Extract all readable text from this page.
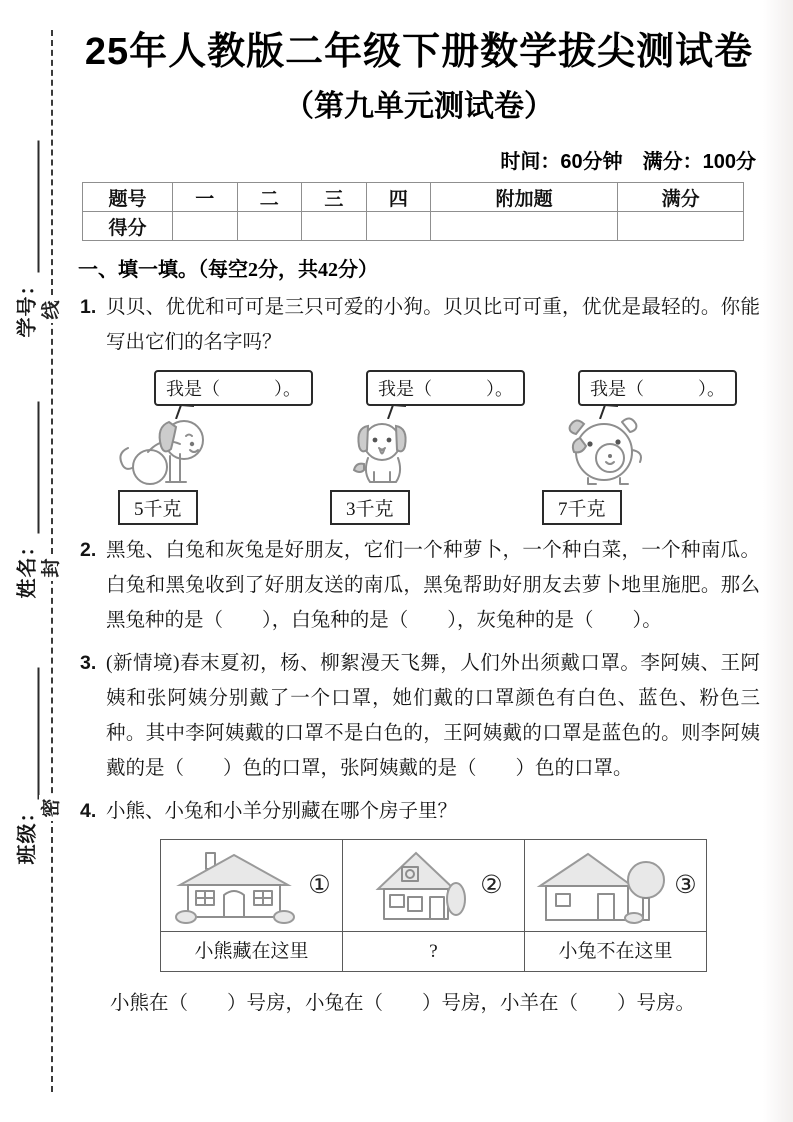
学号：
姓名：
班级：
线
封
密
25年人教版二年级下册数学拔尖测试卷
（第九单元测试卷）
时间：60分钟　满分：100分
题号	一	二	三	四	附加题	满分
得分						
一、填一填。（每空2分，共42分）
1. 贝贝、优优和可可是三只可爱的小狗。贝贝比可可重，优优是最轻的。你能写出它们的名字吗？
我是（　　　）。
5千克
我是（　　　）。
3千克
我是（　　　）。
7千克
2. 黑兔、白兔和灰兔是好朋友，它们一个种萝卜，一个种白菜，一个种南瓜。白兔和黑兔收到了好朋友送的南瓜，黑兔帮助好朋友去萝卜地里施肥。那么黑兔种的是（　　），白兔种的是（　　），灰兔种的是（　　）。
3. (新情境)春末夏初，杨、柳絮漫天飞舞，人们外出须戴口罩。李阿姨、王阿姨和张阿姨分别戴了一个口罩，她们戴的口罩颜色有白色、蓝色、粉色三种。其中李阿姨戴的口罩不是白色的，王阿姨戴的口罩是蓝色的。则李阿姨戴的是（　　）色的口罩，张阿姨戴的是（　　）色的口罩。
4. 小熊、小兔和小羊分别藏在哪个房子里？
①	②	③

小熊藏在这里	?	小兔不在这里
小熊在（　　）号房，小兔在（　　）号房，小羊在（　　）号房。
